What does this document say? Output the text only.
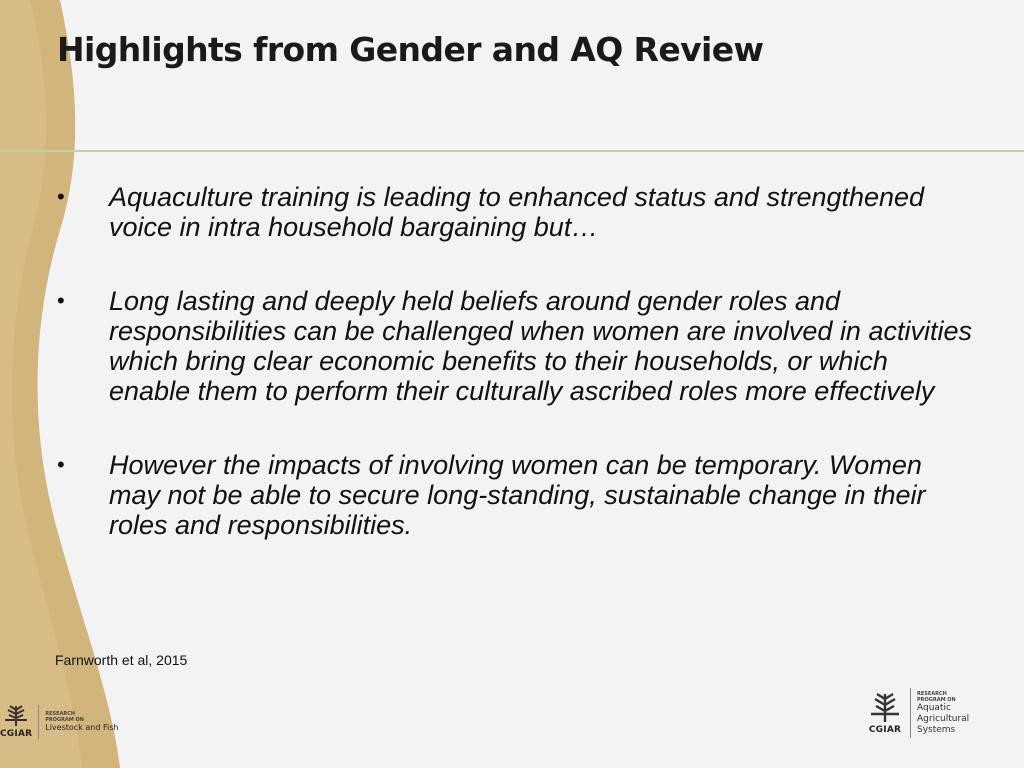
Highlights from Gender and AQ Review
• Aquaculture training is leading to enhanced status and strengthened voice in intra household bargaining but…
• Long lasting and deeply held beliefs around gender roles and responsibilities can be challenged when women are involved in activities which bring clear economic benefits to their households, or which enable them to perform their culturally ascribed roles more effectively
• However the impacts of involving women can be temporary. Women may not be able to secure long-standing, sustainable change in their roles and responsibilities.
Farnworth et al, 2015
CGIAR
RESEARCH
PROGRAM ON
Livestock and Fish	CGIAR
RESEARCH
PROGRAM ON
Aquatic
Agricultural
Systems
